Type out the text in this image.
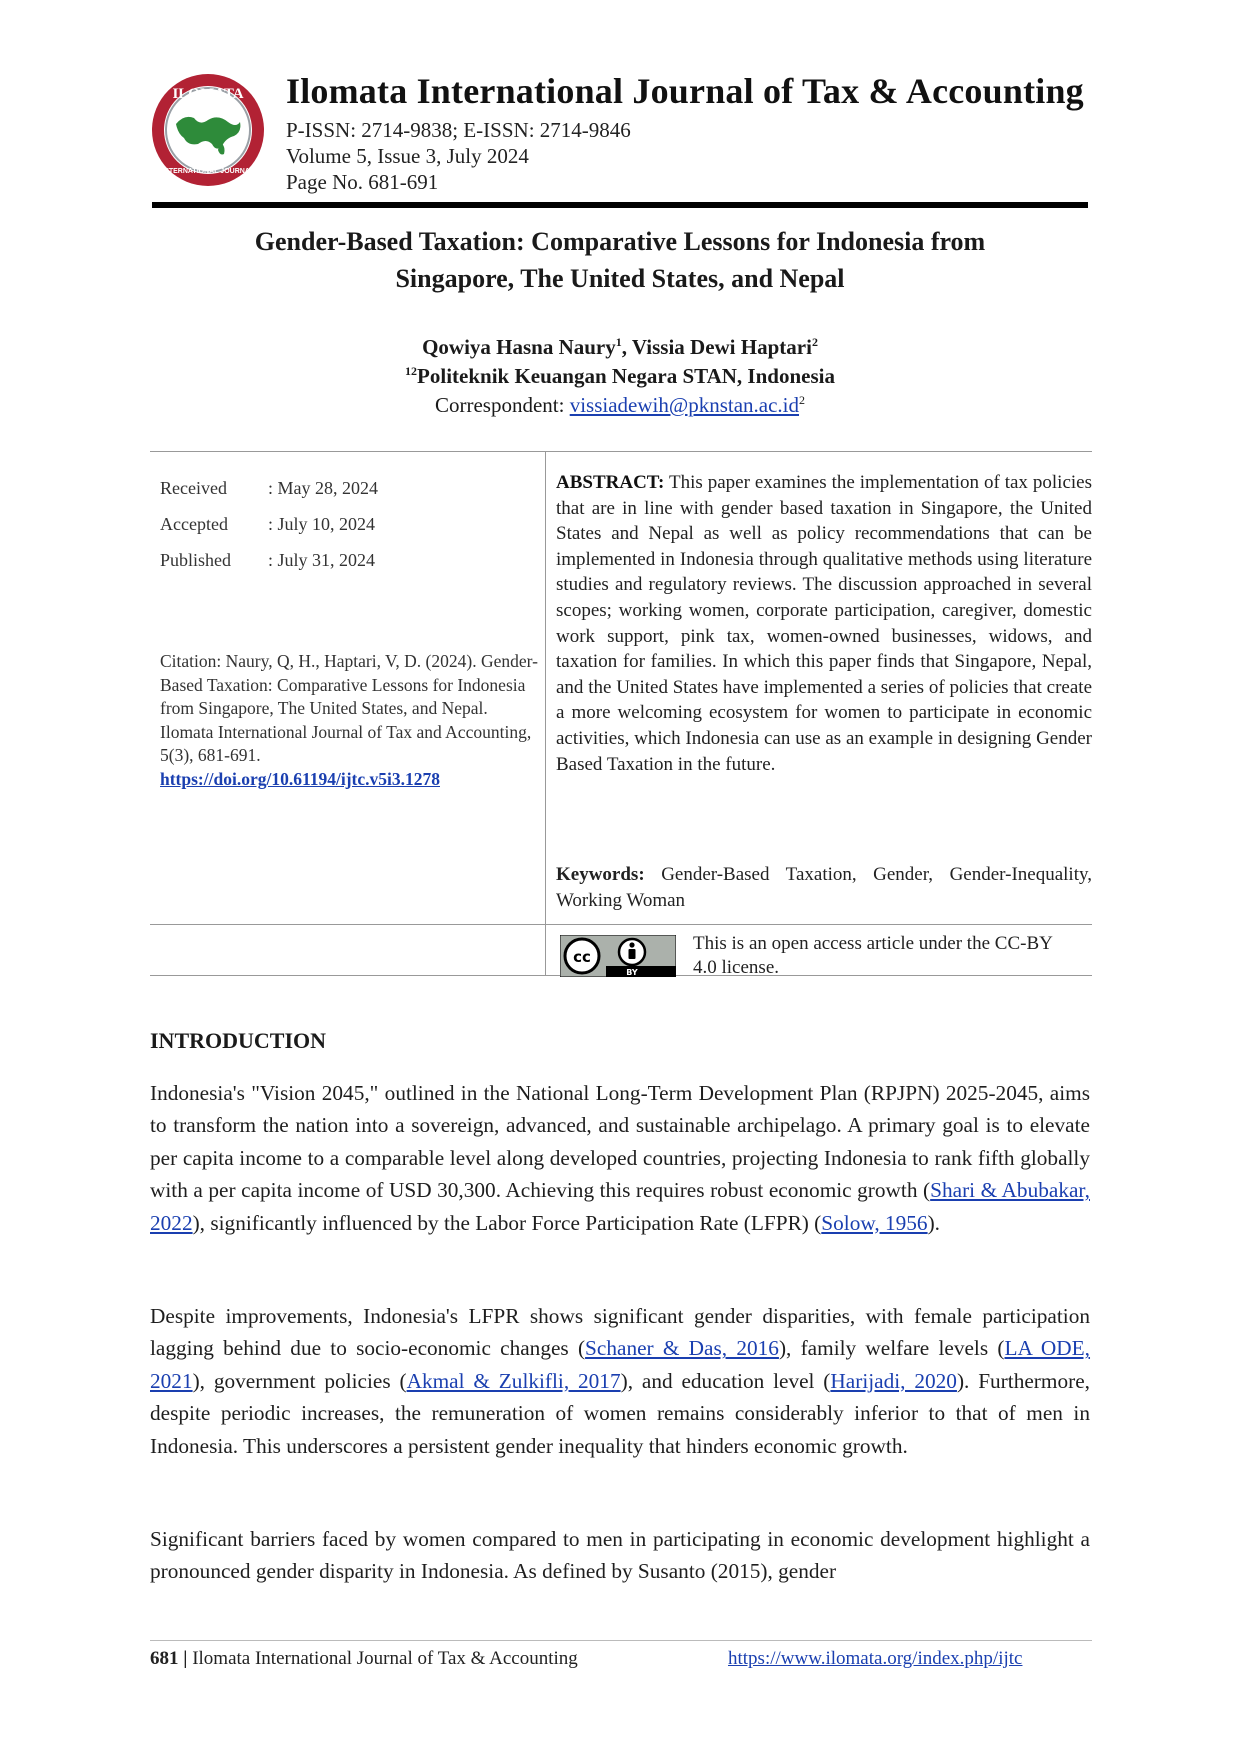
ILOMATA
INTERNATIONAL JOURNAL
Ilomata International Journal of Tax & Accounting
P-ISSN: 2714-9838; E-ISSN: 2714-9846
Volume 5, Issue 3, July 2024
Page No. 681-691
Gender-Based Taxation: Comparative Lessons for Indonesia from
Singapore, The United States, and Nepal
Qowiya Hasna Naury$^1$, Vissia Dewi Haptari$^2$
$^{12}$Politeknik Keuangan Negara STAN, Indonesia
Correspondent: $vissiadewih@pknstan.ac.id^2$
Received	: May 28, 2024
Accepted	: July 10, 2024
Published	: July 31, 2024
Citation: Naury, Q, H., Haptari, V, D. (2024). Gender-Based Taxation: Comparative Lessons for Indonesia from Singapore, The United States, and Nepal. Ilomata International Journal of Tax and Accounting, 5(3), 681-691.
https://doi.org/10.61194/ijtc.v5i3.1278
ABSTRACT: This paper examines the implementation of tax policies that are in line with gender based taxation in Singapore, the United States and Nepal as well as policy recommendations that can be implemented in Indonesia through qualitative methods using literature studies and regulatory reviews. The discussion approached in several scopes; working women, corporate participation, caregiver, domestic work support, pink tax, women-owned businesses, widows, and taxation for families. In which this paper finds that Singapore, Nepal, and the United States have implemented a series of policies that create a more welcoming ecosystem for women to participate in economic activities, which Indonesia can use as an example in designing Gender Based Taxation in the future.
Keywords: Gender-Based Taxation, Gender, Gender-Inequality, Working Woman
cc
BY
This is an open access article under the CC-BY 4.0 license.
INTRODUCTION
Indonesia's "Vision 2045," outlined in the National Long-Term Development Plan (RPJPN) 2025-2045, aims to transform the nation into a sovereign, advanced, and sustainable archipelago. A primary goal is to elevate per capita income to a comparable level along developed countries, projecting Indonesia to rank fifth globally with a per capita income of USD 30,300. Achieving this requires robust economic growth (Shari & Abubakar, 2022), significantly influenced by the Labor Force Participation Rate (LFPR) (Solow, 1956).
Despite improvements, Indonesia's LFPR shows significant gender disparities, with female participation lagging behind due to socio-economic changes (Schaner & Das, 2016), family welfare levels (LA ODE, 2021), government policies (Akmal & Zulkifli, 2017), and education level (Harijadi, 2020). Furthermore, despite periodic increases, the remuneration of women remains considerably inferior to that of men in Indonesia. This underscores a persistent gender inequality that hinders economic growth.
Significant barriers faced by women compared to men in participating in economic development highlight a pronounced gender disparity in Indonesia. As defined by Susanto (2015), gender
681 | Ilomata International Journal of Tax & Accounting	https://www.ilomata.org/index.php/ijtc
